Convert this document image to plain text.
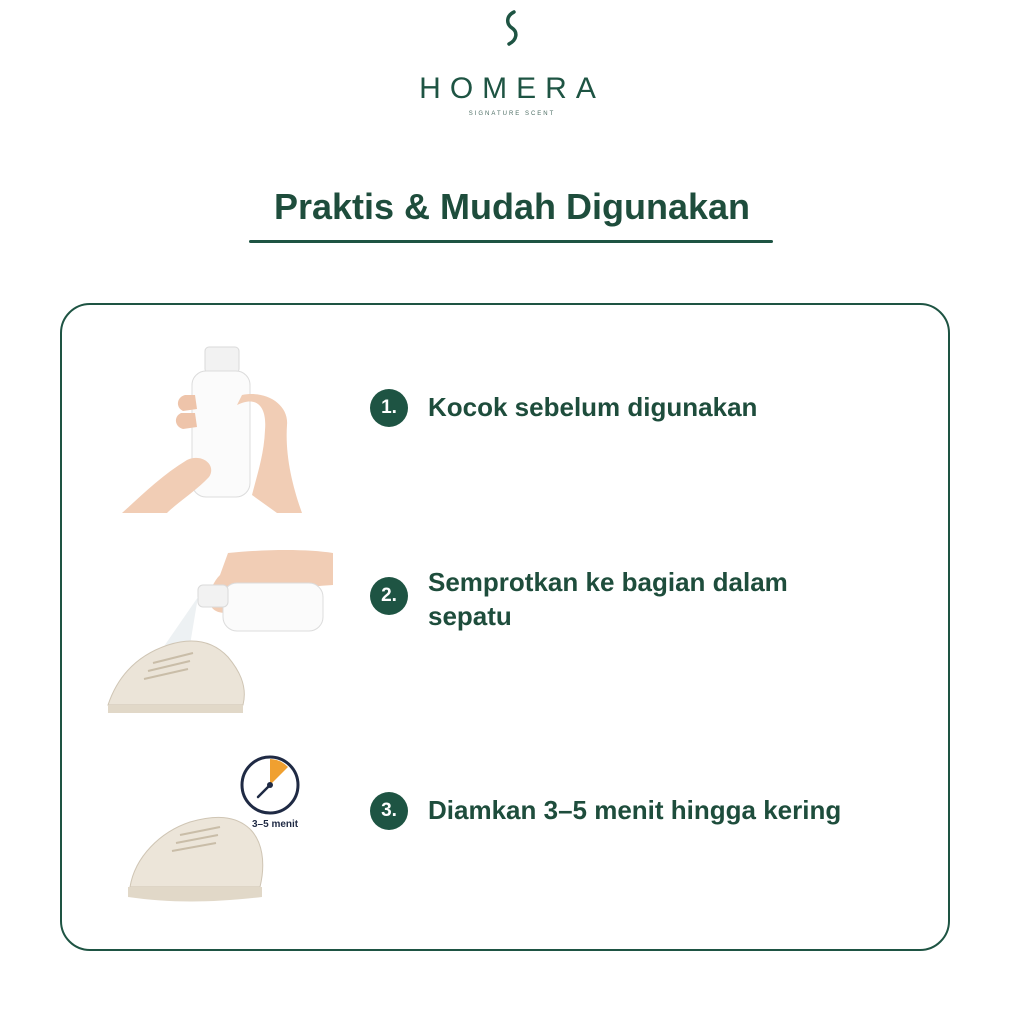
HOMERA
SIGNATURE SCENT
Praktis & Mudah Digunakan
1.	Kocok sebelum digunakan
2.	Semprotkan ke bagian dalam
sepatu
3–5 menit
3.	Diamkan 3–5 menit hingga kering
